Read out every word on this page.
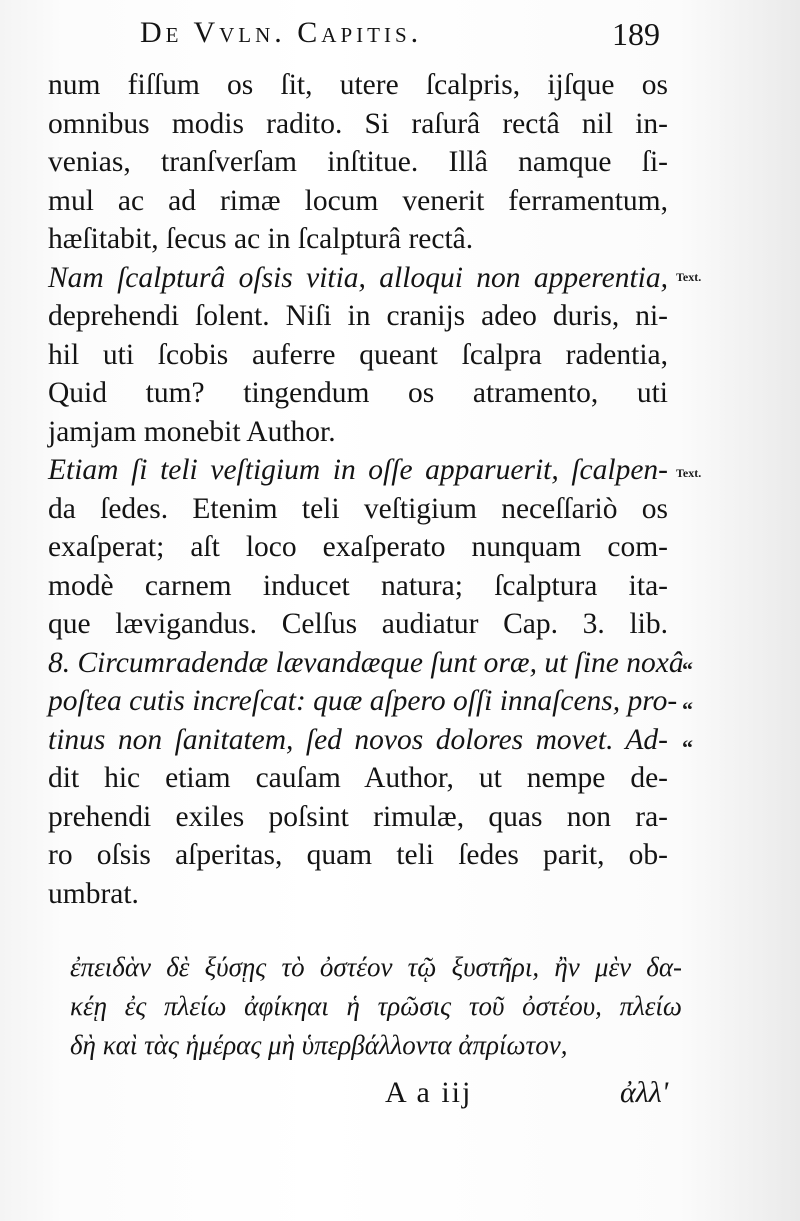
De Vvln. Capitis.	189
num fiſſum os ſit, utere ſcalpris, ijſque os
omnibus modis radito. Si raſurâ rectâ nil in-
venias, tranſverſam inſtitue. Illâ namque ſi-
mul ac ad rimæ locum venerit ferramentum,
hæſitabit, ſecus ac in ſcalpturâ rectâ.
Nam ſcalpturâ oſsis vitia, alloqui non apperentia,
deprehendi ſolent. Niſi in cranijs adeo duris, ni-
hil uti ſcobis auferre queant ſcalpra radentia,
Quid tum? tingendum os atramento, uti
jamjam monebit Author.
Etiam ſi teli veſtigium in oſſe apparuerit, ſcalpen-
da ſedes. Etenim teli veſtigium neceſſariò os
exaſperat; aſt loco exaſperato nunquam com-
modè carnem inducet natura; ſcalptura ita-
que lævigandus. Celſus audiatur Cap. 3. lib.
8. Circumradendæ lævandæque ſunt oræ, ut ſine noxâ
poſtea cutis increſcat: quæ aſpero oſſi innaſcens, pro-
tinus non ſanitatem, ſed novos dolores movet. Ad-
dit hic etiam cauſam Author, ut nempe de-
prehendi exiles poſsint rimulæ, quas non ra-
ro oſsis aſperitas, quam teli ſedes parit, ob-
umbrat.
ἐπειδὰν δὲ ξύσῃς τὸ ὀστέον τῷ ξυστῆρι, ἢν μὲν δα-
κέῃ ἐς πλείω ἀφίκηαι ἡ τρῶσις τοῦ ὀστέου, πλείω
δὴ καὶ τὰς ἡμέρας μὴ ὑπερβάλλοντα ἀπρίωτον,
A a iij	ἀλλ'
Text.
Text.
“
“
“
